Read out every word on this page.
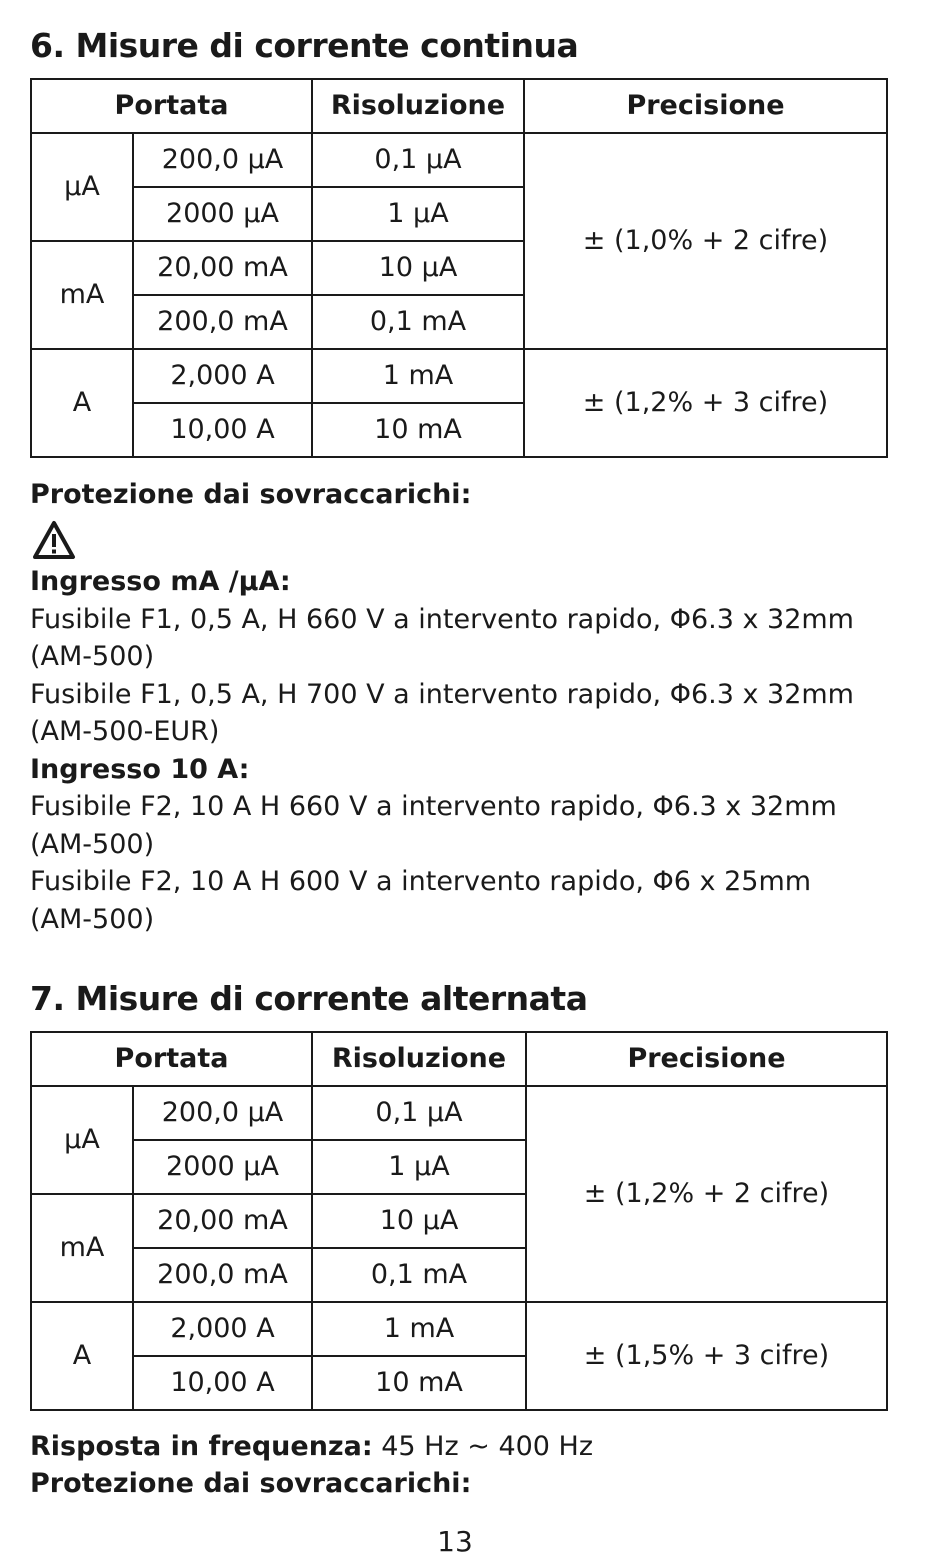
6. Misure di corrente continua
Portata		Risoluzione	Precisione
µA	200,0 µA	0,1 µA	± (1,0% + 2 cifre)
	2000 µA	1 µA	
mA	20,00 mA	10 µA	
	200,0 mA	0,1 mA	
A	2,000 A	1 mA	± (1,2% + 3 cifre)
	10,00 A	10 mA	

Protezione dai sovraccarichi:

Ingresso mA /µA:
Fusibile F1, 0,5 A, H 660 V a intervento rapido, Φ6.3 x 32mm
(AM-500)
Fusibile F1, 0,5 A, H 700 V a intervento rapido, Φ6.3 x 32mm
(AM-500-EUR)
Ingresso 10 A:
Fusibile F2, 10 A H 660 V a intervento rapido, Φ6.3 x 32mm
(AM-500)
Fusibile F2, 10 A H 600 V a intervento rapido, Φ6 x 25mm
(AM-500)
7. Misure di corrente alternata
Portata		Risoluzione	Precisione
µA	200,0 µA	0,1 µA	± (1,2% + 2 cifre)
	2000 µA	1 µA	
mA	20,00 mA	10 µA	
	200,0 mA	0,1 mA	
A	2,000 A	1 mA	± (1,5% + 3 cifre)
	10,00 A	10 mA	
Risposta in frequenza: 45 Hz ~ 400 Hz

Protezione dai sovraccarichi:

13
